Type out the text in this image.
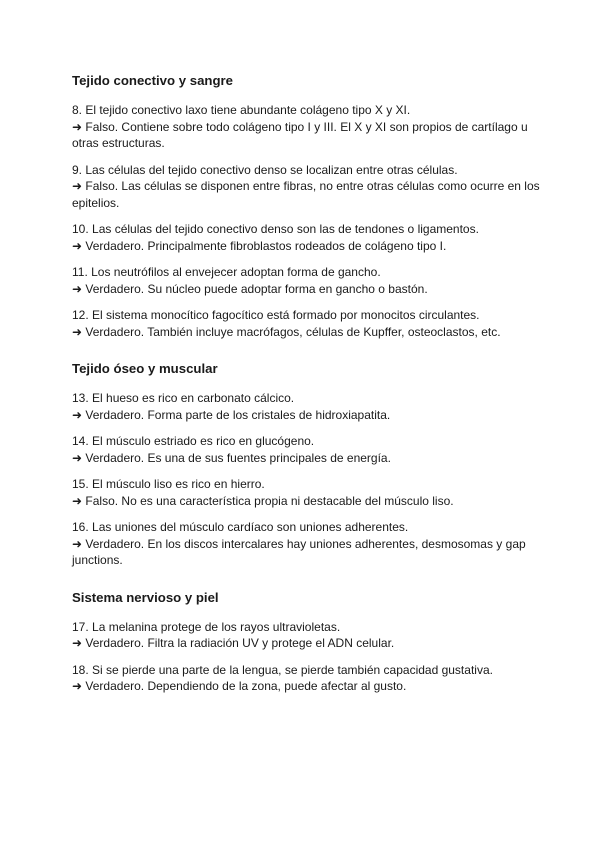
Tejido conectivo y sangre
8. El tejido conectivo laxo tiene abundante colágeno tipo X y XI.
➜ Falso. Contiene sobre todo colágeno tipo I y III. El X y XI son propios de cartílago u otras estructuras.
9. Las células del tejido conectivo denso se localizan entre otras células.
➜ Falso. Las células se disponen entre fibras, no entre otras células como ocurre en los epitelios.
10. Las células del tejido conectivo denso son las de tendones o ligamentos.
➜ Verdadero. Principalmente fibroblastos rodeados de colágeno tipo I.
11. Los neutrófilos al envejecer adoptan forma de gancho.
➜ Verdadero. Su núcleo puede adoptar forma en gancho o bastón.
12. El sistema monocítico fagocítico está formado por monocitos circulantes.
➜ Verdadero. También incluye macrófagos, células de Kupffer, osteoclastos, etc.
Tejido óseo y muscular
13. El hueso es rico en carbonato cálcico.
➜ Verdadero. Forma parte de los cristales de hidroxiapatita.
14. El músculo estriado es rico en glucógeno.
➜ Verdadero. Es una de sus fuentes principales de energía.
15. El músculo liso es rico en hierro.
➜ Falso. No es una característica propia ni destacable del músculo liso.
16. Las uniones del músculo cardíaco son uniones adherentes.
➜ Verdadero. En los discos intercalares hay uniones adherentes, desmosomas y gap junctions.
Sistema nervioso y piel
17. La melanina protege de los rayos ultravioletas.
➜ Verdadero. Filtra la radiación UV y protege el ADN celular.
18. Si se pierde una parte de la lengua, se pierde también capacidad gustativa.
➜ Verdadero. Dependiendo de la zona, puede afectar al gusto.
